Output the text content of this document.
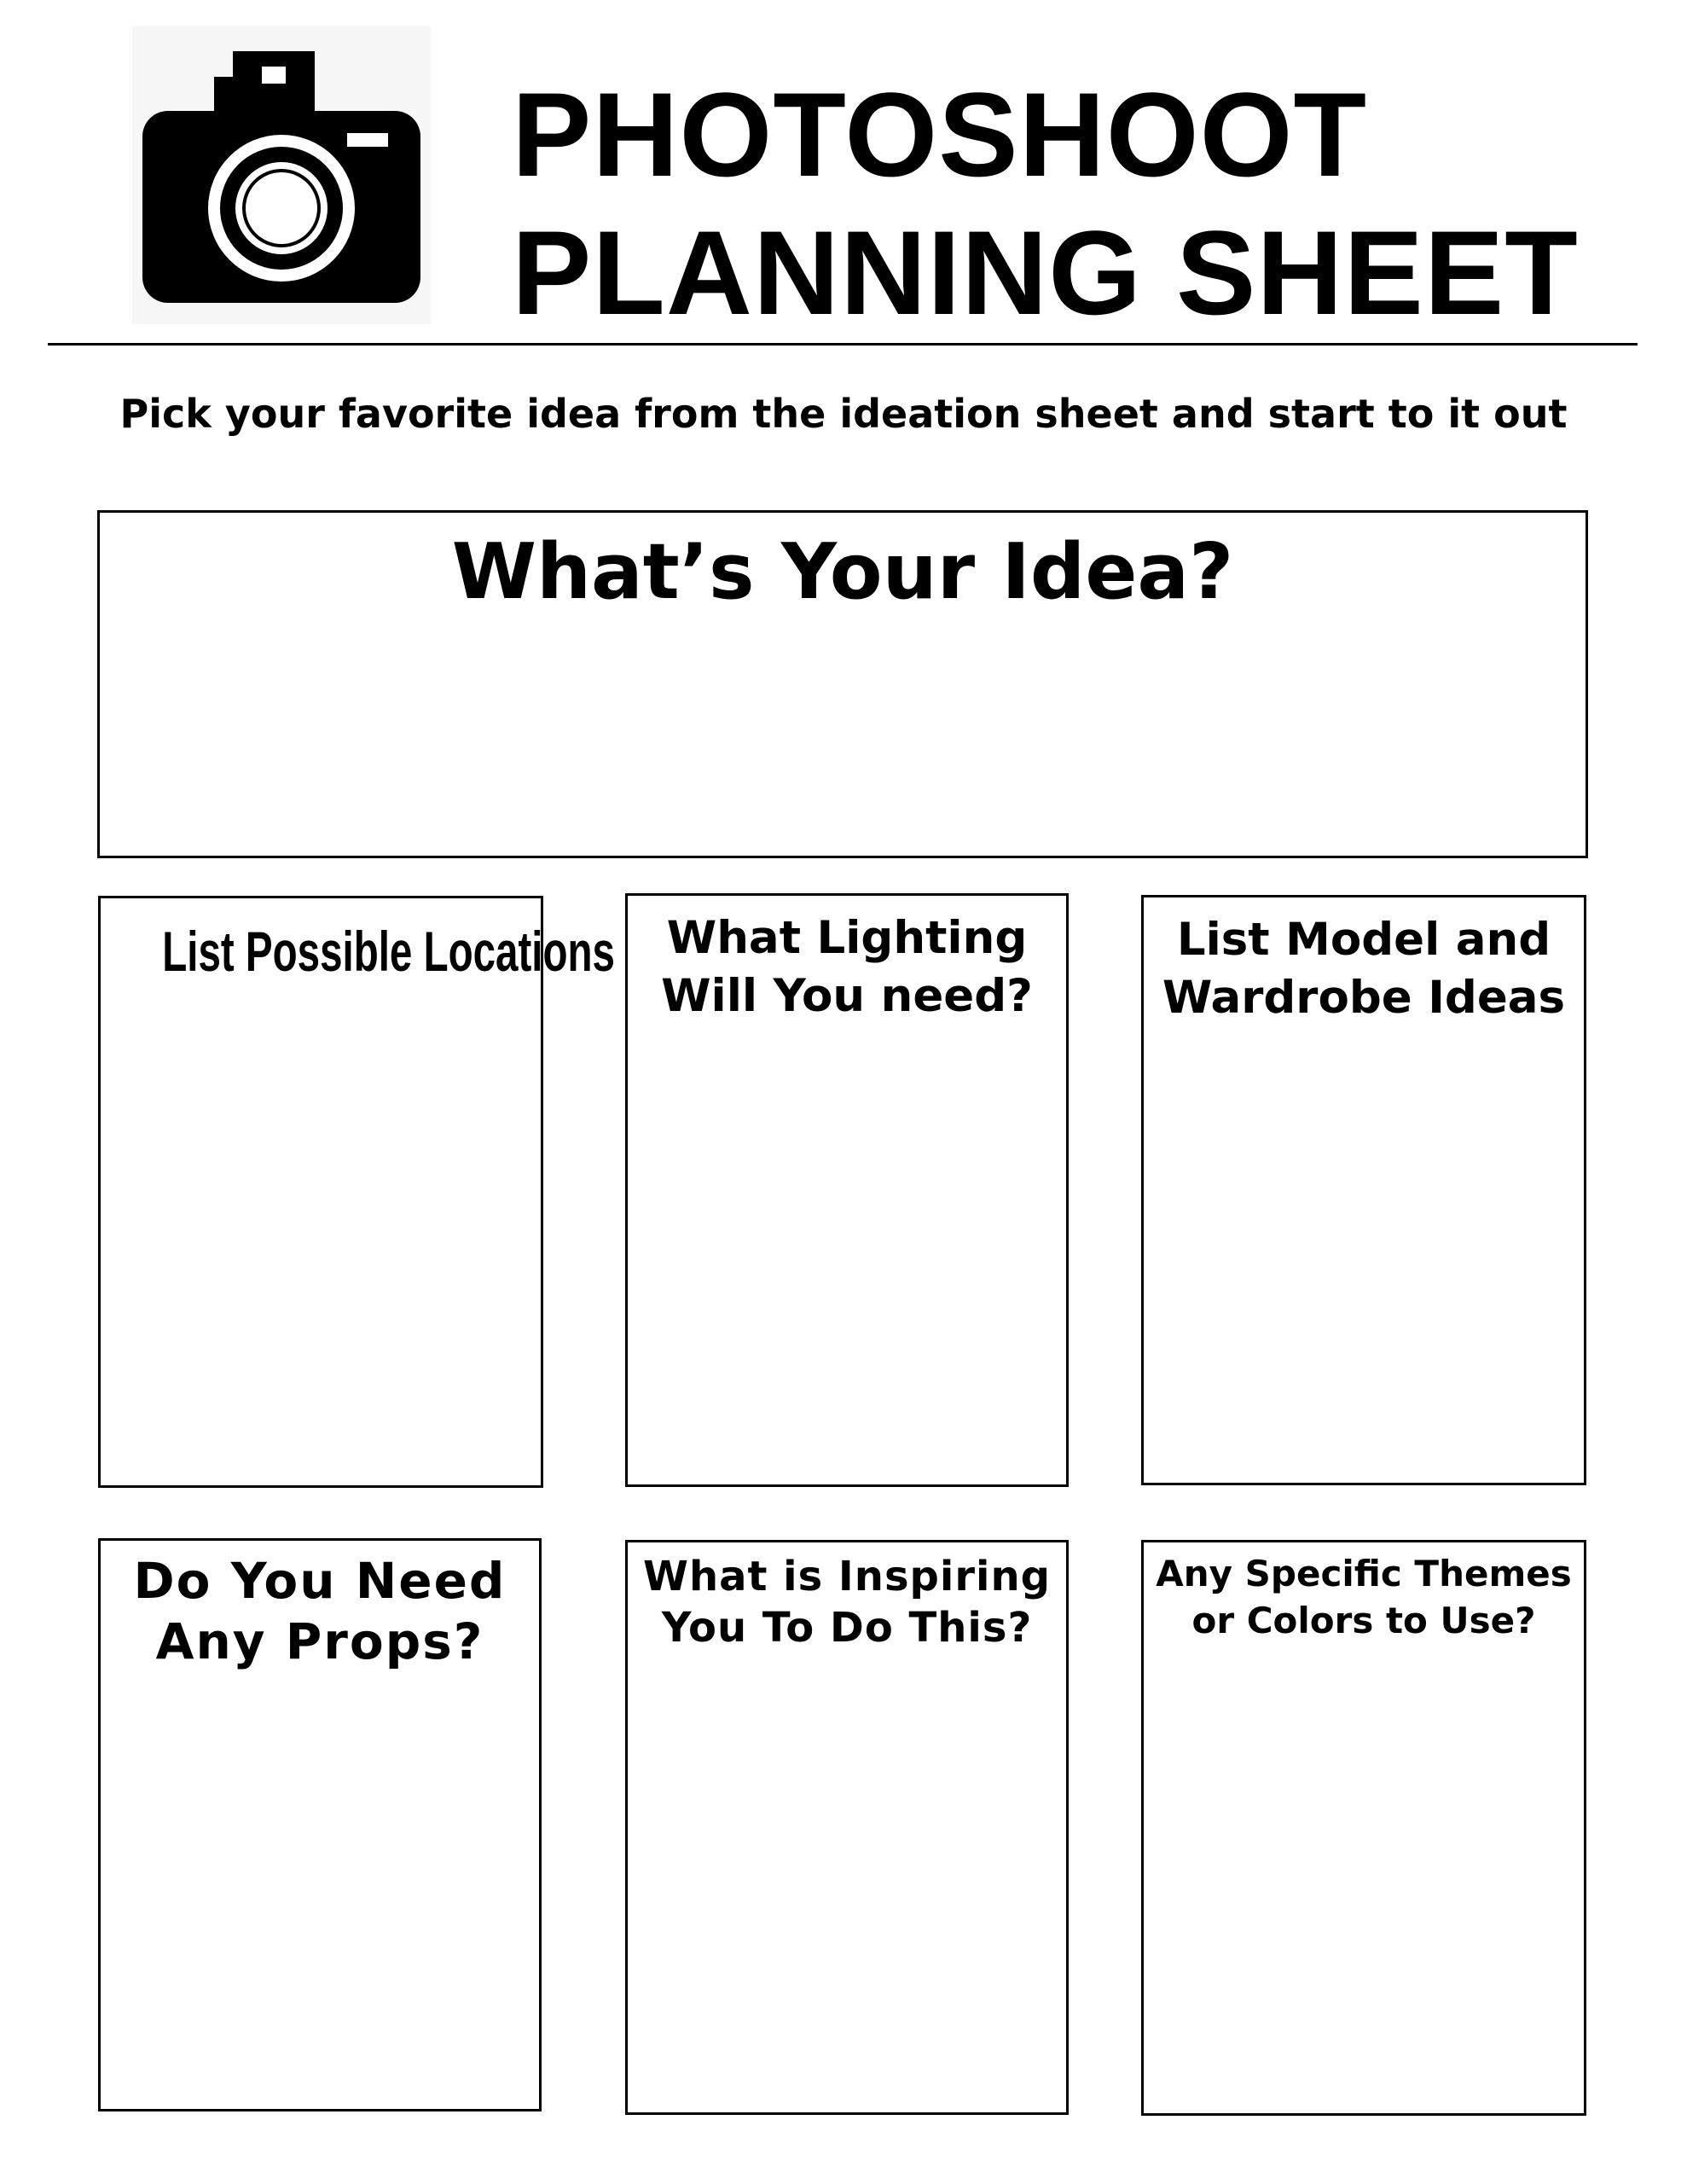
PHOTOSHOOT
PLANNING SHEET
Pick your favorite idea from the ideation sheet and start to it out
What’s Your Idea?
List Possible Locations	What Lighting
Will You need?
List Model and
Wardrobe Ideas
Do You Need
Any Props?
What is Inspiring
You To Do This?
Any Specific Themes
or Colors to Use?
